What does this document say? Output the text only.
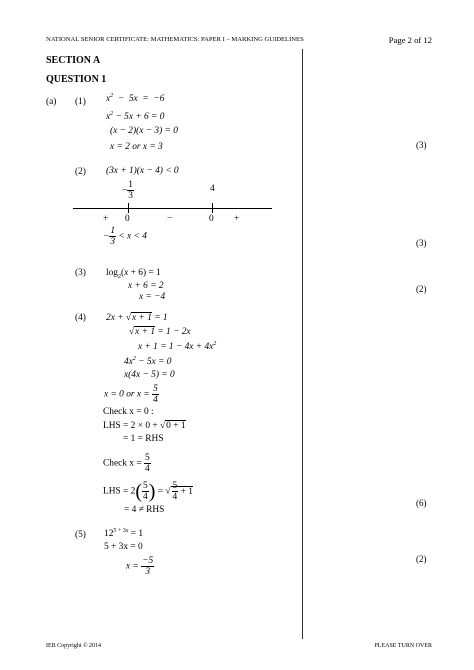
NATIONAL SENIOR CERTIFICATE: MATHEMATICS: PAPER I – MARKING GUIDELINES	Page 2 of 12
SECTION A
QUESTION 1
(a) (1) $x^2 - 5x = -6$
$x^2 - 5x + 6 = 0$
(x − 2)(x − 3) = 0
x = 2 or x = 3	(3)
(2) (3x + 1)(x − 4) < 0
− $\frac{1}{3}$	4
+ 0	−	0 +
− $\frac{1}{3} < x < 4$
(3)
(3) $\log_2(x + 6) = 1$
x + 6 = 2
x = −4
(2)
(4) 2x + √x + 1 = 1
√x + 1 = 1 − 2x
$x + 1 = 1 - 4x + 4x^2$
$4x^2 - 5x = 0$
x(4x − 5) = 0
x = 0 or $x = \frac{5}{4}$
Check x = 0 :
LHS = 2 × 0 + √0 + 1
= 1 = RHS
Check $x = \frac{5}{4}$
LHS = $2( \frac{5}{4}$ ) = √ $\frac{5}{4} + 1$
= 4 ≠ RHS
(6)
(5) $12^{5 + 3x} = 1$
5 + 3x = 0
$x = \frac{-5}{3}$	(2)
IEB Copyright © 2014	PLEASE TURN OVER
